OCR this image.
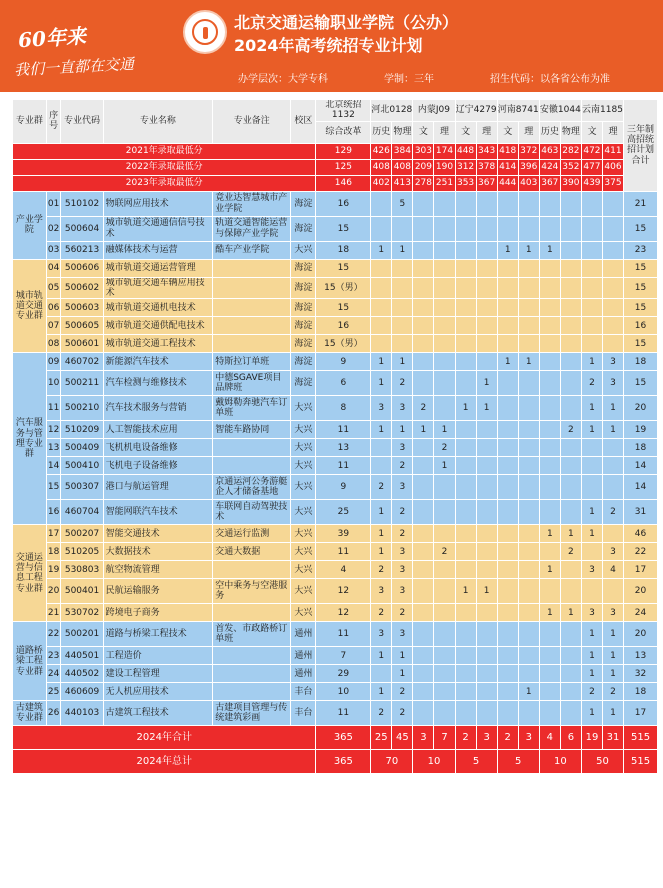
60年来
我们一直都在交通
北京交通运输职业学院（公办）
2024年高考统招专业计划
办学层次：大学专科	学制：三年	招生代码：以各省公布为准
专业群	序号	专业代码	专业名称	专业备注	校区	北京统招1132	河北0128		内蒙J09		辽宁4279		河南8741		安徽1044		云南1185		三年制高招统招计划合计
						综合改革	历史	物理	文	理	文	理	文	理	历史	物理	文	理	
2021年录取最低分						129	426	384	303	174	448	343	418	372	463	282	472	411	
2022年录取最低分						125	408	408	209	190	312	378	414	396	424	352	477	406	
2023年录取最低分						146	402	413	278	251	353	367	444	403	367	390	439	375	
产业学院	01	510102	物联网应用技术	竟业达智慧城市产业学院	海淀	16		5											21
	02	500604	城市轨道交通通信信号技术	轨道交通智能运营与保障产业学院	海淀	15													15
	03	560213	融媒体技术与运营	酷车产业学院	大兴	18	1	1					1	1	1				23
城市轨道交通专业群	04	500606	城市轨道交通运营管理		海淀	15													15
	05	500602	城市轨道交通车辆应用技术		海淀	15（男）													15
	06	500603	城市轨道交通机电技术		海淀	15													15
	07	500605	城市轨道交通供配电技术		海淀	16													16
	08	500601	城市轨道交通工程技术		海淀	15（男）													15
汽车服务与管理专业群	09	460702	新能源汽车技术	特斯拉订单班	海淀	9	1	1					1	1			1	3	18
	10	500211	汽车检测与维修技术	中德SGAVE项目品牌班	海淀	6	1	2				1					2	3	15
	11	500210	汽车技术服务与营销	戴姆勒奔驰汽车订单班	大兴	8	3	3	2		1	1					1	1	20
	12	510209	人工智能技术应用	智能车路协同	大兴	11	1	1	1	1						2	1	1	19
	13	500409	飞机机电设备维修		大兴	13		3		2									18
	14	500410	飞机电子设备维修		大兴	11		2		1									14
	15	500307	港口与航运管理	京通运河公务游艇企人才储备基地	大兴	9	2	3											14
	16	460704	智能网联汽车技术	车联网自动驾驶技术	大兴	25	1	2									1	2	31
交通运营与信息工程专业群	17	500207	智能交通技术	交通运行监测	大兴	39	1	2							1	1	1		46
	18	510205	大数据技术	交通大数据	大兴	11	1	3		2						2		3	22
	19	530803	航空物流管理		大兴	4	2	3							1		3	4	17
	20	500401	民航运输服务	空中乘务与空港服务	大兴	12	3	3			1	1							20
	21	530702	跨境电子商务		大兴	12	2	2							1	1	3	3	24
道路桥梁工程专业群	22	500201	道路与桥梁工程技术	首发、市政路桥订单班	通州	11	3	3									1	1	20
	23	440501	工程造价		通州	7	1	1									1	1	13
	24	440502	建设工程管理		通州	29		1									1	1	32
	25	460609	无人机应用技术		丰台	10	1	2						1			2	2	18
古建筑专业群	26	440103	古建筑工程技术	古建项目管理与传统建筑彩画	丰台	11	2	2									1	1	17
2024年合计						365	25	45	3	7	2	3	2	3	4	6	19	31	515
2024年总计						365	70		10		5		5		10		50		515
